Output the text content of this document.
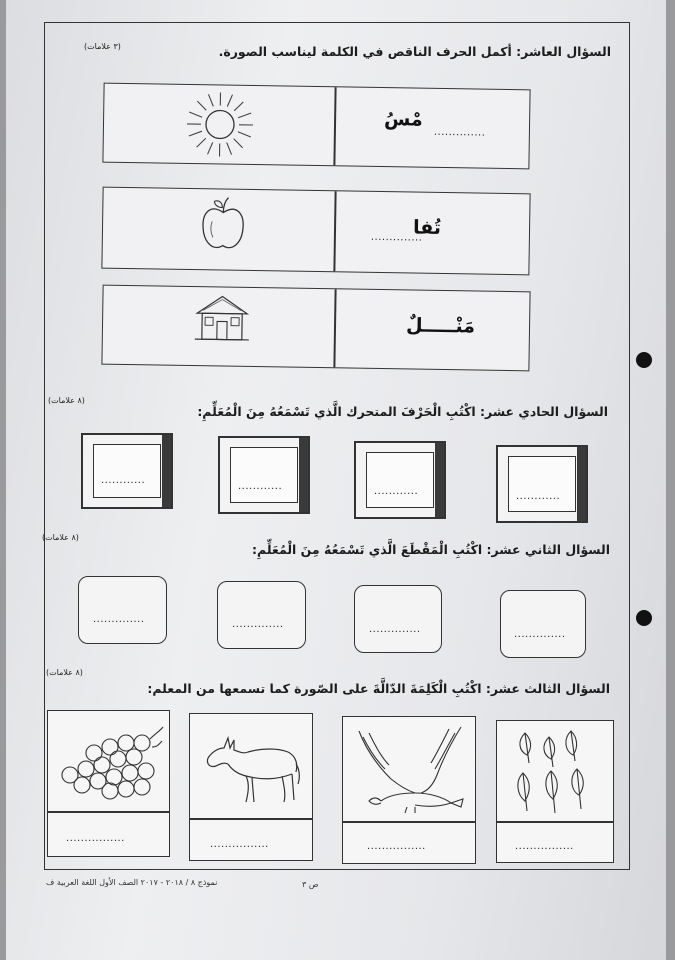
السؤال العاشر: أكمل الحرف الناقص في الكلمة ليناسب الصورة.
(٣ علامات)
مْسُ
..............
تُفا
..............
مَنْـــــلٌ
السؤال الحادي عشر: اكْتُبِ الْحَرْفَ المتحرك الَّذي تَسْمَعُهُ مِنَ الْمُعَلِّمِ:
(٨ علامات)
............
............	............	............
السؤال الثاني عشر: اكْتُبِ الْمَقْطَعَ الَّذي تَسْمَعُهُ مِنَ الْمُعَلِّمِ:
(٨ علامات)
..............	..............	..............	..............
السؤال الثالث عشر: اكْتُبِ الْكَلِمَةَ الدّالَّةَ على الصّورة كما تسمعها من المعلم:
(٨ علامات)
................
................	................	................
نموذج ٨ / ٢٠١٨ - ٢٠١٧ الصف الأول اللغة العربية ف	ص ٣
